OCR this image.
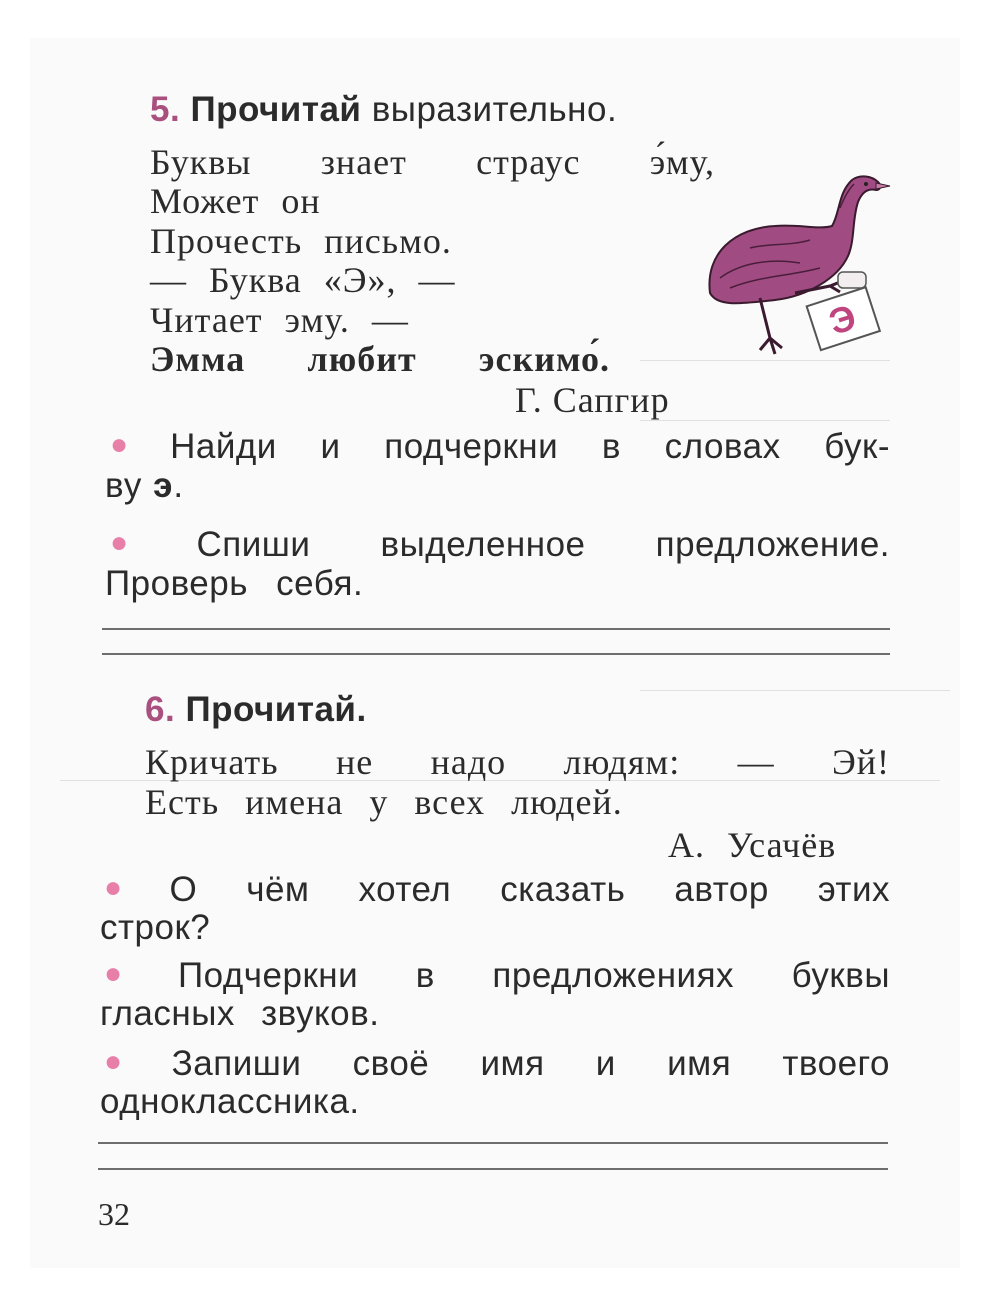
5. Прочитай выразительно.
Буквы знает страус э́му,
Может он
Прочесть письмо.
— Буква «Э», —
Читает эму. —
Эмма любит эскимо́.
Г. Сапгир
Э
● Найди и подчеркни в словах бук-
ву э.
● Спиши выделенное предложение.
Проверь себя.
6. Прочитай.
Кричать не надо людям: — Эй!
Есть имена у всех людей.
А. Усачёв
● О чём хотел сказать автор этих
строк?
● Подчеркни в предложениях буквы
гласных звуков.
● Запиши своё имя и имя твоего
одноклассника.
32
